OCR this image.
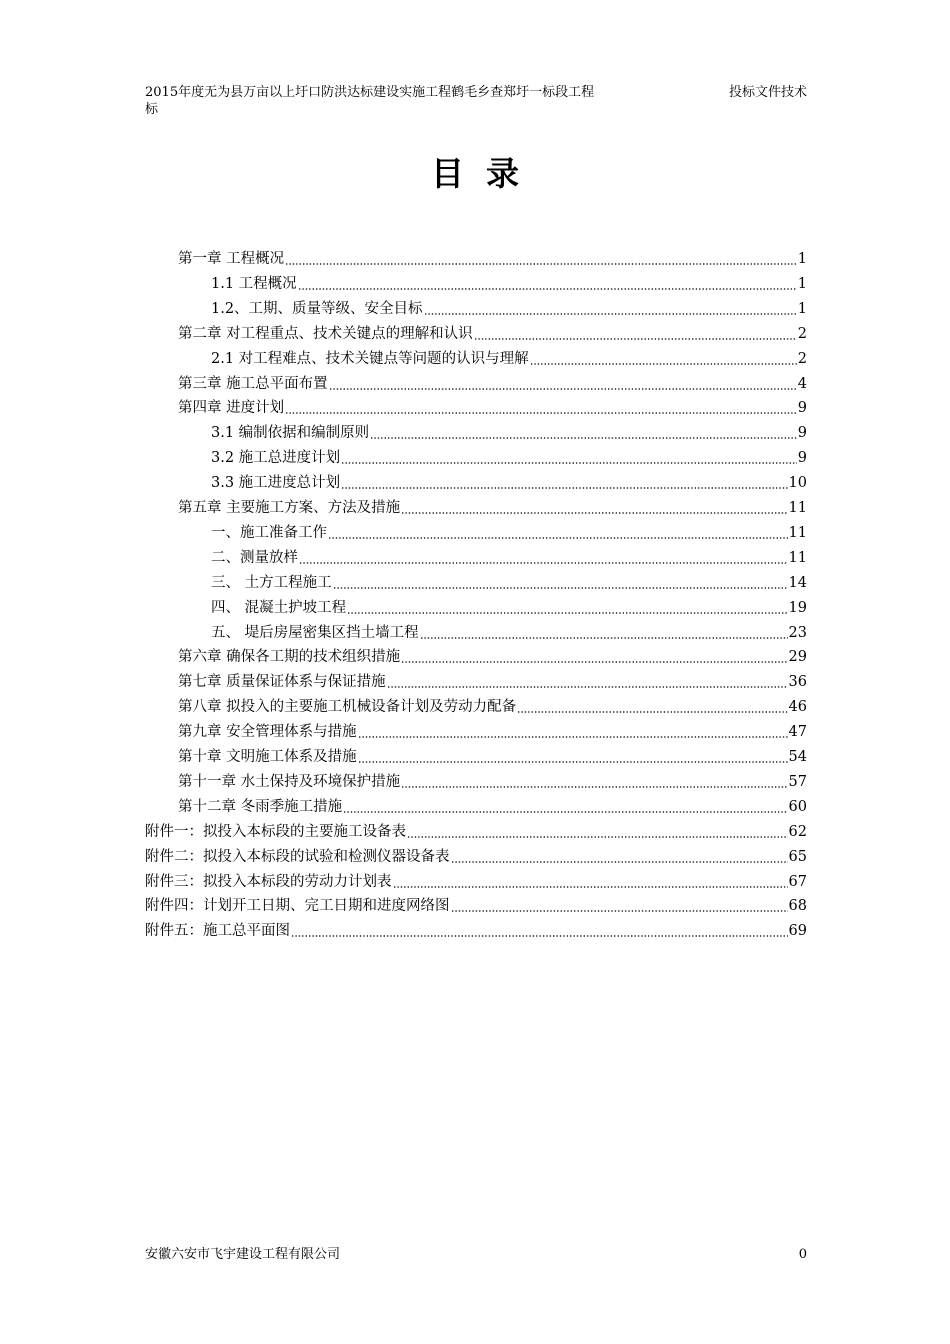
2015年度无为县万亩以上圩口防洪达标建设实施工程鹤毛乡查郑圩一标段工程	投标文件技术
标
目录
第一章 工程概况	1
1.1 工程概况	1
1.2、工期、质量等级、安全目标	1
第二章 对工程重点、技术关键点的理解和认识	2
2.1 对工程难点、技术关键点等问题的认识与理解	2
第三章 施工总平面布置	4
第四章 进度计划	9
3.1 编制依据和编制原则	9
3.2 施工总进度计划	9
3.3 施工进度总计划	10
第五章 主要施工方案、方法及措施	11
一、施工准备工作	11
二、测量放样	11
三、 土方工程施工	14
四、 混凝土护坡工程	19
五、 堤后房屋密集区挡土墙工程	23
第六章 确保各工期的技术组织措施	29
第七章 质量保证体系与保证措施	36
第八章 拟投入的主要施工机械设备计划及劳动力配备	46
第九章 安全管理体系与措施	47
第十章 文明施工体系及措施	54
第十一章 水土保持及环境保护措施	57
第十二章 冬雨季施工措施	60
附件一：拟投入本标段的主要施工设备表	62
附件二：拟投入本标段的试验和检测仪器设备表	65
附件三：拟投入本标段的劳动力计划表	67
附件四：计划开工日期、完工日期和进度网络图	68
附件五：施工总平面图	69
安徽六安市飞宇建设工程有限公司	0
